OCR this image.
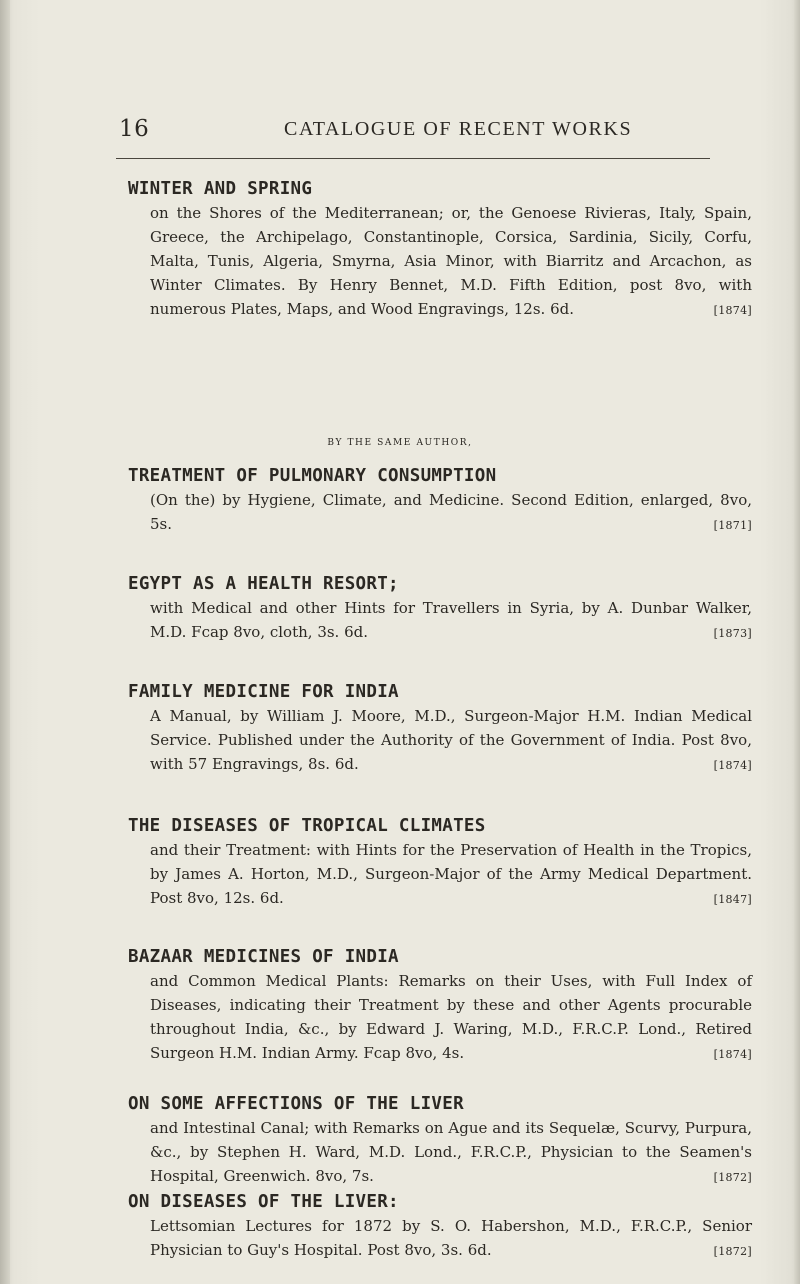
16	CATALOGUE OF RECENT WORKS

WINTER AND SPRING

on the Shores of the Mediterranean; or, the Genoese Rivieras, Italy, Spain, Greece, the Archipelago, Constantinople, Corsica, Sardinia, Sicily, Corfu, Malta, Tunis, Algeria, Smyrna, Asia Minor, with Biarritz and Arcachon, as Winter Climates. By Henry Bennet, M.D. Fifth Edition, post 8vo, with numerous Plates, Maps, and Wood Engravings, 12s. 6d.	[1874]

BY THE SAME AUTHOR,

TREATMENT OF PULMONARY CONSUMPTION

(On the) by Hygiene, Climate, and Medicine. Second Edition, enlarged, 8vo, 5s.	[1871]

EGYPT AS A HEALTH RESORT;

with Medical and other Hints for Travellers in Syria, by A. Dunbar Walker, M.D. Fcap 8vo, cloth, 3s. 6d.	[1873]

FAMILY MEDICINE FOR INDIA

A Manual, by William J. Moore, M.D., Surgeon-Major H.M. Indian Medical Service. Published under the Authority of the Government of India. Post 8vo, with 57 Engravings, 8s. 6d.	[1874]

THE DISEASES OF TROPICAL CLIMATES

and their Treatment: with Hints for the Preservation of Health in the Tropics, by James A. Horton, M.D., Surgeon-Major of the Army Medical Department. Post 8vo, 12s. 6d.	[1847]

BAZAAR MEDICINES OF INDIA

and Common Medical Plants: Remarks on their Uses, with Full Index of Diseases, indicating their Treatment by these and other Agents procurable throughout India, &c., by Edward J. Waring, M.D., F.R.C.P. Lond., Retired Surgeon H.M. Indian Army. Fcap 8vo, 4s.	[1874]

ON SOME AFFECTIONS OF THE LIVER

and Intestinal Canal; with Remarks on Ague and its Sequelæ, Scurvy, Purpura, &c., by Stephen H. Ward, M.D. Lond., F.R.C.P., Physician to the Seamen's Hospital, Greenwich. 8vo, 7s.	[1872]

ON DISEASES OF THE LIVER:

Lettsomian Lectures for 1872 by S. O. Habershon, M.D., F.R.C.P., Senior Physician to Guy's Hospital. Post 8vo, 3s. 6d.	[1872]
